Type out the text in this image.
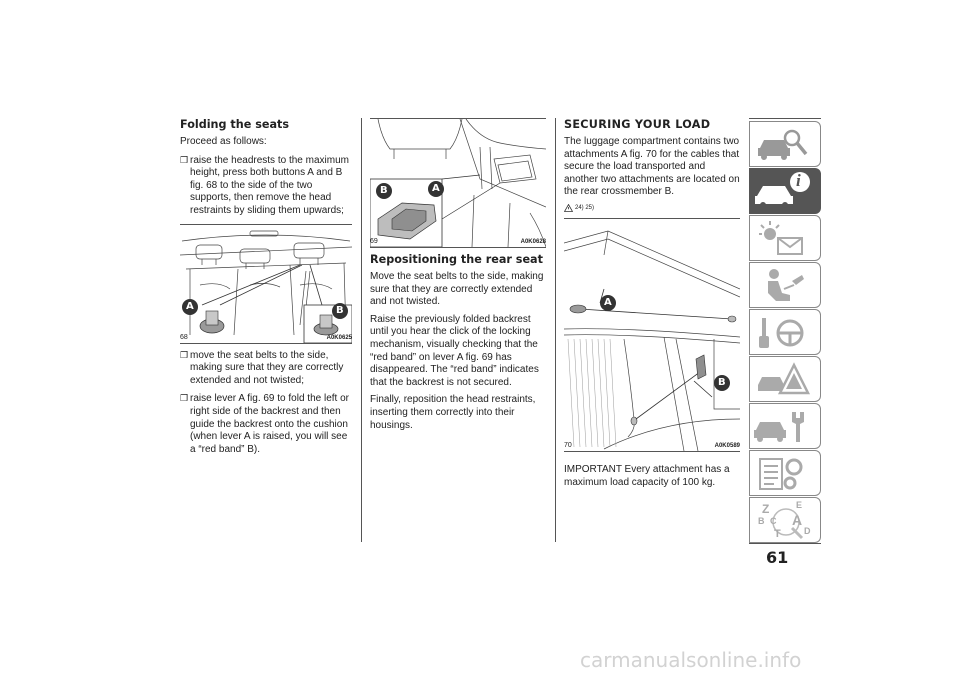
Folding the seats

Proceed as follows:

❒ raise the headrests to the maximum height, press both buttons A and B fig. 68 to the side of the two supports, then remove the head restraints by sliding them upwards;
A	B
68	A0K0625
❒ move the seat belts to the side, making sure that they are correctly extended and not twisted;
❒ raise lever A fig. 69 to fold the left or right side of the backrest and then guide the backrest onto the cushion (when lever A is raised, you will see a “red band” B).
B	A
69	A0K0628
Repositioning the rear seat

Move the seat belts to the side, making sure that they are correctly extended and not twisted.

Raise the previously folded backrest until you hear the click of the locking mechanism, visually checking that the “red band” on lever A fig. 69 has disappeared. The “red band” indicates that the backrest is not secured.

Finally, reposition the head restraints, inserting them correctly into their housings.

SECURING YOUR LOAD

The luggage compartment contains two attachments A fig. 70 for the cables that secure the load transported and another two attachments are located on the rear crossmember B.

24) 25)
A
B
70	A0K0589

IMPORTANT Every attachment has a maximum load capacity of 100 kg.

i
Z	E
A
B C
T	D
61
carmanualsonline.info
